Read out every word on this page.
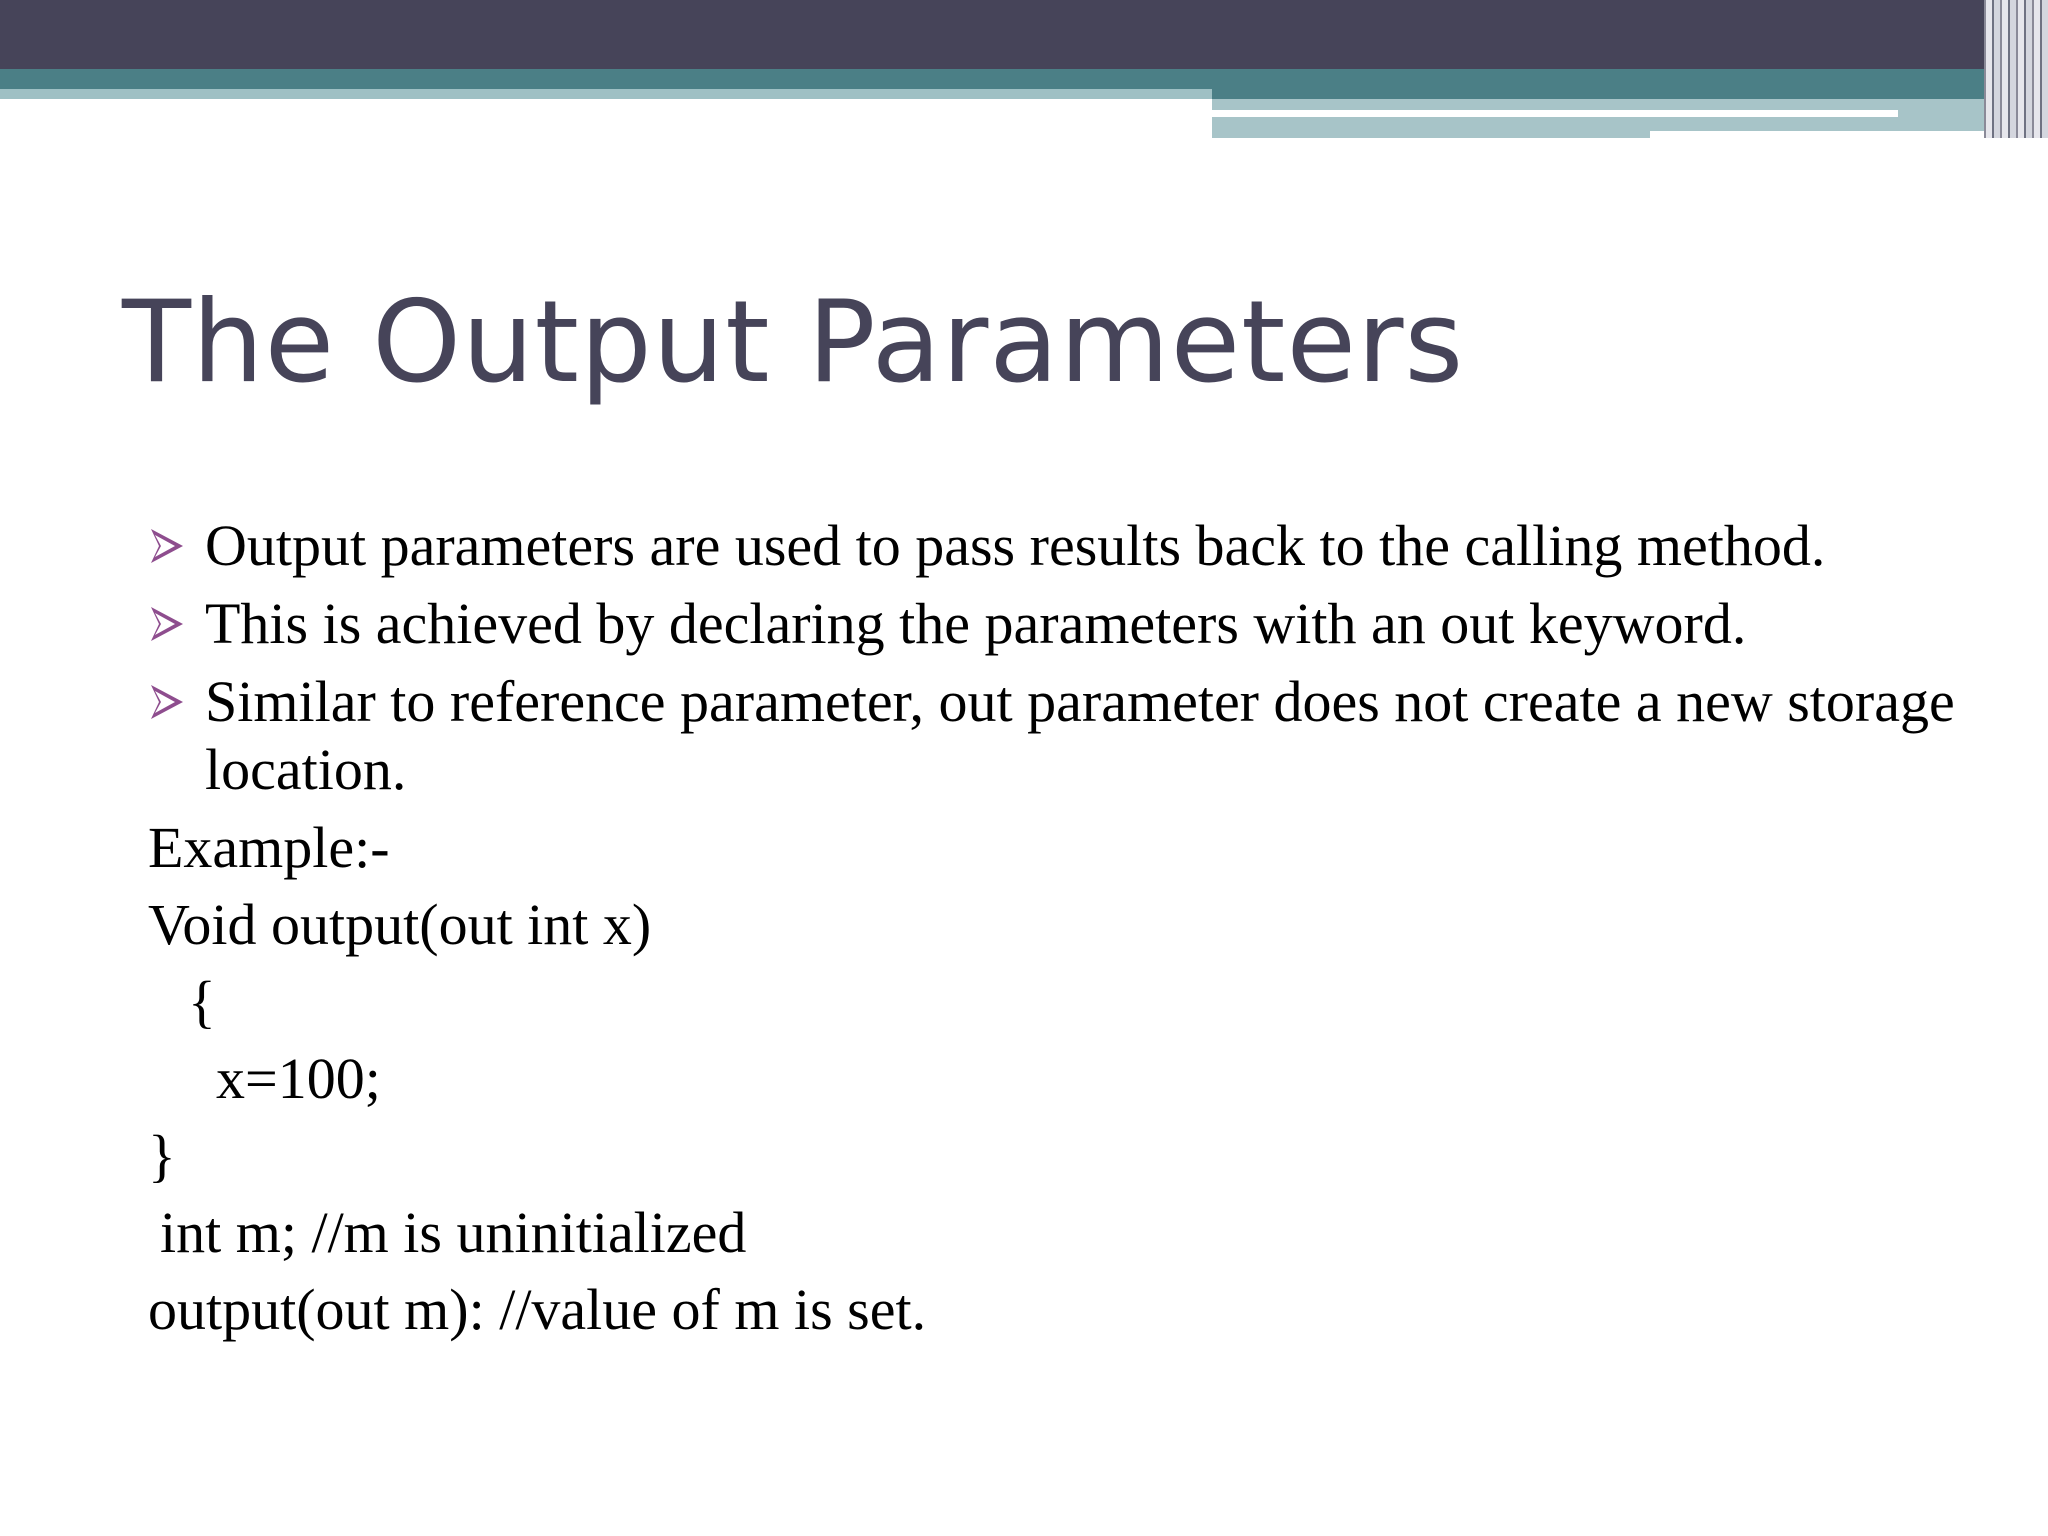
The Output Parameters
Output parameters are used to pass results back to the calling method.
This is achieved by declaring the parameters with an out keyword.
Similar to reference parameter, out parameter does not create a new storage location.
Example:-
Void output(out int x)
{
x=100;
}
int m; //m is uninitialized
output(out m): //value of m is set.
